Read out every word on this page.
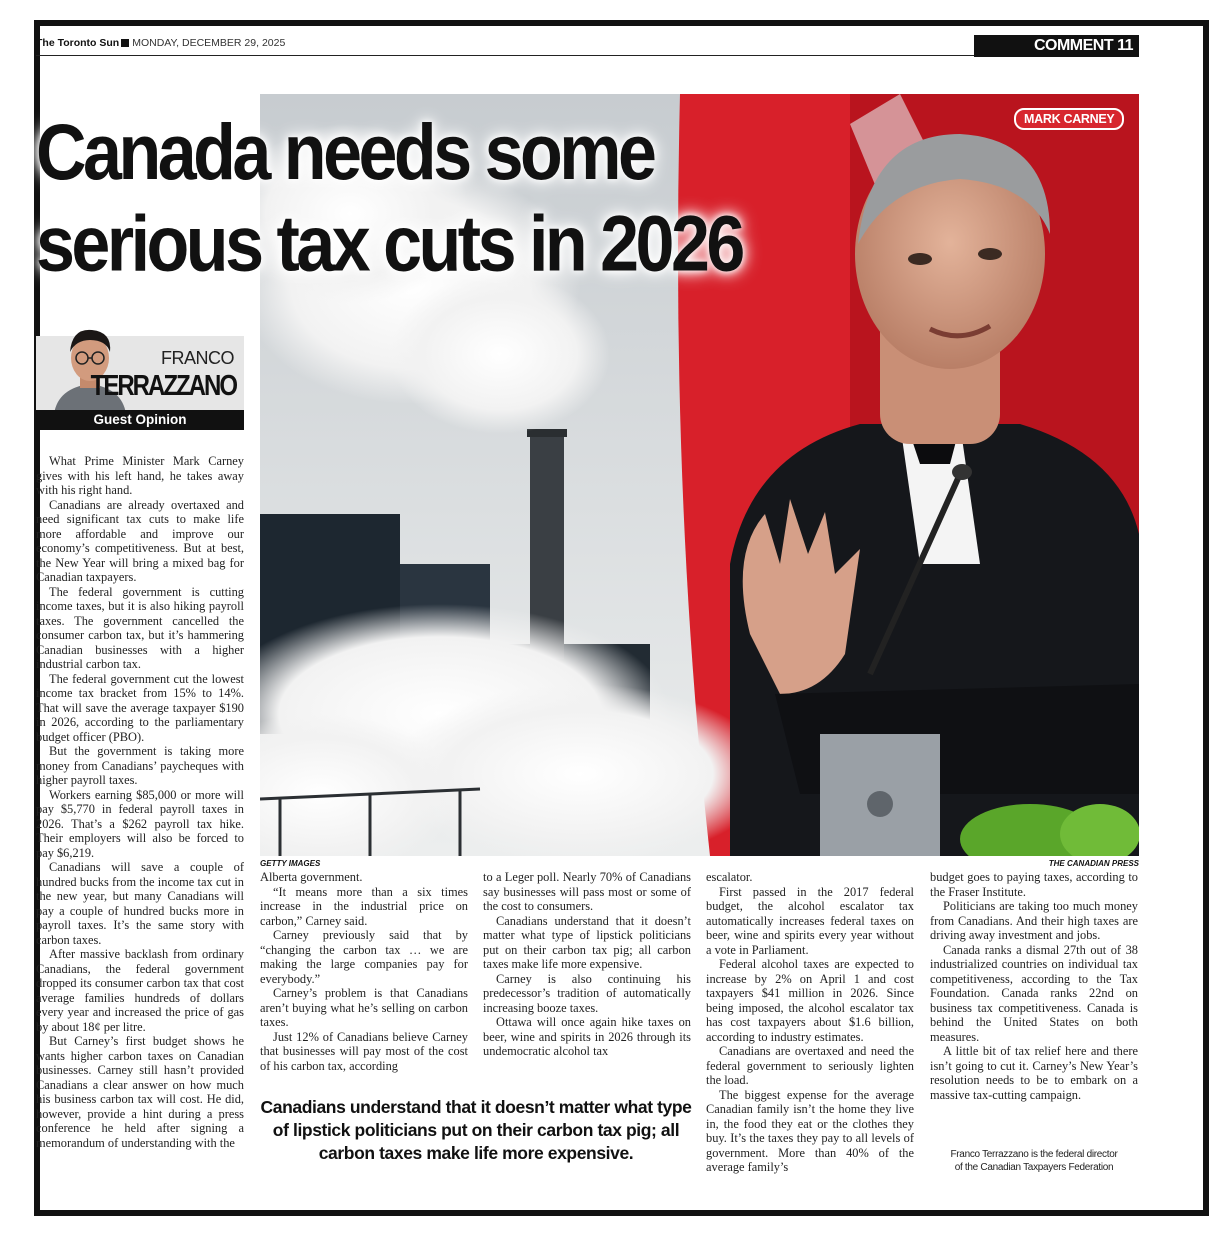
The Toronto Sun MONDAY, DECEMBER 29, 2025	COMMENT 11
MARK CARNEY
GETTY IMAGES	THE CANADIAN PRESS
Canada needs some
serious tax cuts in 2026
FRANCO
TERRAZZANO
Guest Opinion

What Prime Minister Mark Carney gives with his left hand, he takes away with his right hand.

Canadians are already overtaxed and need significant tax cuts to make life more affordable and improve our economy’s competitiveness. But at best, the New Year will bring a mixed bag for Canadian taxpayers.

The federal government is cutting income taxes, but it is also hiking payroll taxes. The government cancelled the consumer carbon tax, but it’s hammering Canadian businesses with a higher industrial carbon tax.

The federal government cut the lowest income tax bracket from 15% to 14%. That will save the average taxpayer $190 in 2026, according to the parliamentary budget officer (PBO).

But the government is taking more money from Canadians’ paycheques with higher payroll taxes.

Workers earning $85,000 or more will pay $5,770 in federal payroll taxes in 2026. That’s a $262 payroll tax hike. Their employers will also be forced to pay $6,219.

Canadians will save a couple of hundred bucks from the income tax cut in the new year, but many Canadians will pay a couple of hundred bucks more in payroll taxes. It’s the same story with carbon taxes.

After massive backlash from ordinary Canadians, the federal government dropped its consumer carbon tax that cost average families hundreds of dollars every year and increased the price of gas by about 18¢ per litre.

But Carney’s first budget shows he wants higher carbon taxes on Canadian businesses. Carney still hasn’t provided Canadians a clear answer on how much his business carbon tax will cost. He did, however, provide a hint during a press conference he held after signing a memorandum of understanding with the

Alberta government.

“It means more than a six times increase in the industrial price on carbon,” Carney said.

Carney previously said that by “changing the carbon tax … we are making the large companies pay for everybody.”

Carney’s problem is that Canadians aren’t buying what he’s selling on carbon taxes.

Just 12% of Canadians believe Carney that businesses will pay most of the cost of his carbon tax, according

to a Leger poll. Nearly 70% of Canadians say businesses will pass most or some of the cost to consumers.

Canadians understand that it doesn’t matter what type of lipstick politicians put on their carbon tax pig; all carbon taxes make life more expensive.

Carney is also continuing his predecessor’s tradition of automatically increasing booze taxes.

Ottawa will once again hike taxes on beer, wine and spirits in 2026 through its undemocratic alcohol tax

escalator.

First passed in the 2017 federal budget, the alcohol escalator tax automatically increases federal taxes on beer, wine and spirits every year without a vote in Parliament.

Federal alcohol taxes are expected to increase by 2% on April 1 and cost taxpayers $41 million in 2026. Since being imposed, the alcohol escalator tax has cost taxpayers about $1.6 billion, according to industry estimates.

Canadians are overtaxed and need the federal government to seriously lighten the load.

The biggest expense for the average Canadian family isn’t the home they live in, the food they eat or the clothes they buy. It’s the taxes they pay to all levels of government. More than 40% of the average family’s

budget goes to paying taxes, according to the Fraser Institute.

Politicians are taking too much money from Canadians. And their high taxes are driving away investment and jobs.

Canada ranks a dismal 27th out of 38 industrialized countries on individual tax competitiveness, according to the Tax Foundation. Canada ranks 22nd on business tax competitiveness. Canada is behind the United States on both measures.

A little bit of tax relief here and there isn’t going to cut it. Carney’s New Year’s resolution needs to be to embark on a massive tax-cutting campaign.

Canadians understand that it doesn’t matter what type of lipstick politicians put on their carbon tax pig; all carbon taxes make life more expensive.	Franco Terrazzano is the federal director
of the Canadian Taxpayers Federation
